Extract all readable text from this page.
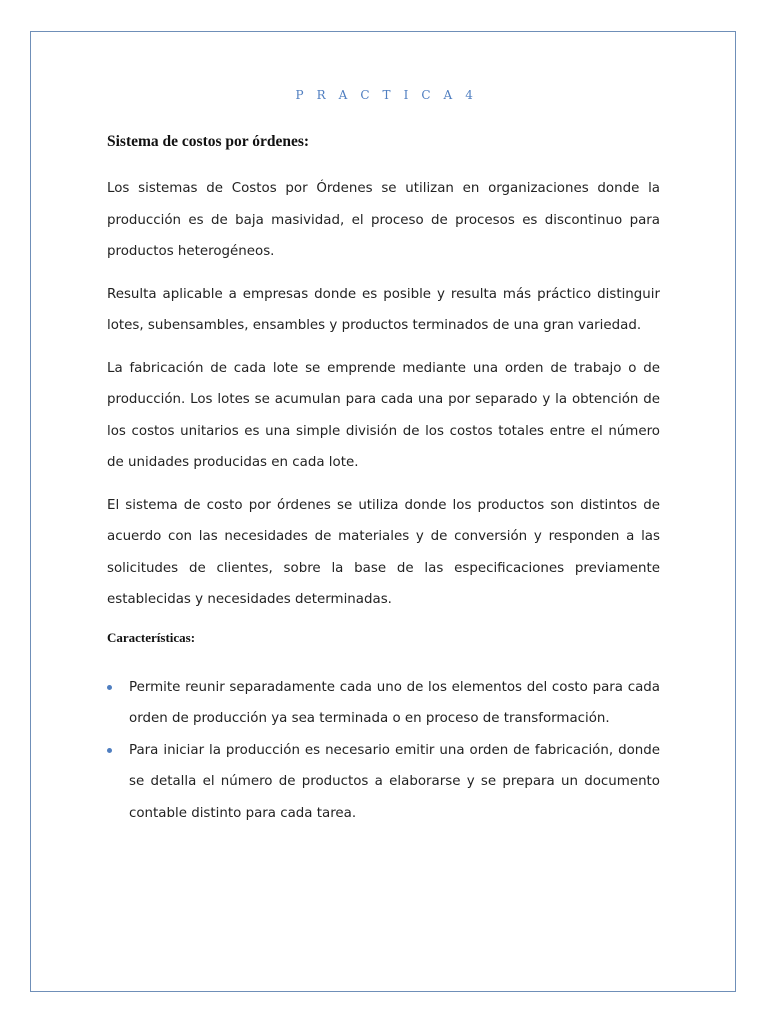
P R A C T I C A 4
Sistema de costos por órdenes:

Los sistemas de Costos por Órdenes se utilizan en organizaciones donde la producción es de baja masividad, el proceso de procesos es discontinuo para productos heterogéneos.

Resulta aplicable a empresas donde es posible y resulta más práctico distinguir lotes, subensambles, ensambles y productos terminados de una gran variedad.

La fabricación de cada lote se emprende mediante una orden de trabajo o de producción. Los lotes se acumulan para cada una por separado y la obtención de los costos unitarios es una simple división de los costos totales entre el número de unidades producidas en cada lote.

El sistema de costo por órdenes se utiliza donde los productos son distintos de acuerdo con las necesidades de materiales y de conversión y responden a las solicitudes de clientes, sobre la base de las especificaciones previamente establecidas y necesidades determinadas.

Características:
Permite reunir separadamente cada uno de los elementos del costo para cada orden de producción ya sea terminada o en proceso de transformación.
Para iniciar la producción es necesario emitir una orden de fabricación, donde se detalla el número de productos a elaborarse y se prepara un documento contable distinto para cada tarea.
